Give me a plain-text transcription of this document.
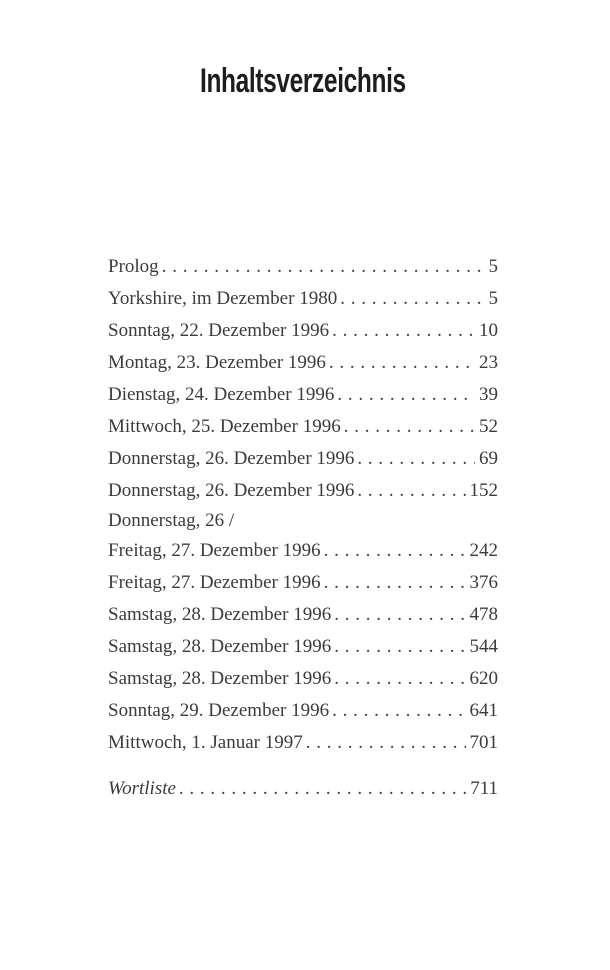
Inhaltsverzeichnis
Prolog . . .	5
Yorkshire, im Dezember 1980 . . .	5
Sonntag, 22. Dezember 1996 . . .	10
Montag, 23. Dezember 1996 . . .	23
Dienstag, 24. Dezember 1996 . . .	39
Mittwoch, 25. Dezember 1996 . . .	52
Donnerstag, 26. Dezember 1996 . . .	69
Donnerstag, 26. Dezember 1996 . . .	152
Donnerstag, 26 /
Freitag, 27. Dezember 1996 . . .	242
Freitag, 27. Dezember 1996 . . .	376
Samstag, 28. Dezember 1996 . . .	478
Samstag, 28. Dezember 1996 . . .	544
Samstag, 28. Dezember 1996 . . .	620
Sonntag, 29. Dezember 1996 . . .	641
Mittwoch, 1. Januar 1997 . . .	701
Wortliste . . .	711
